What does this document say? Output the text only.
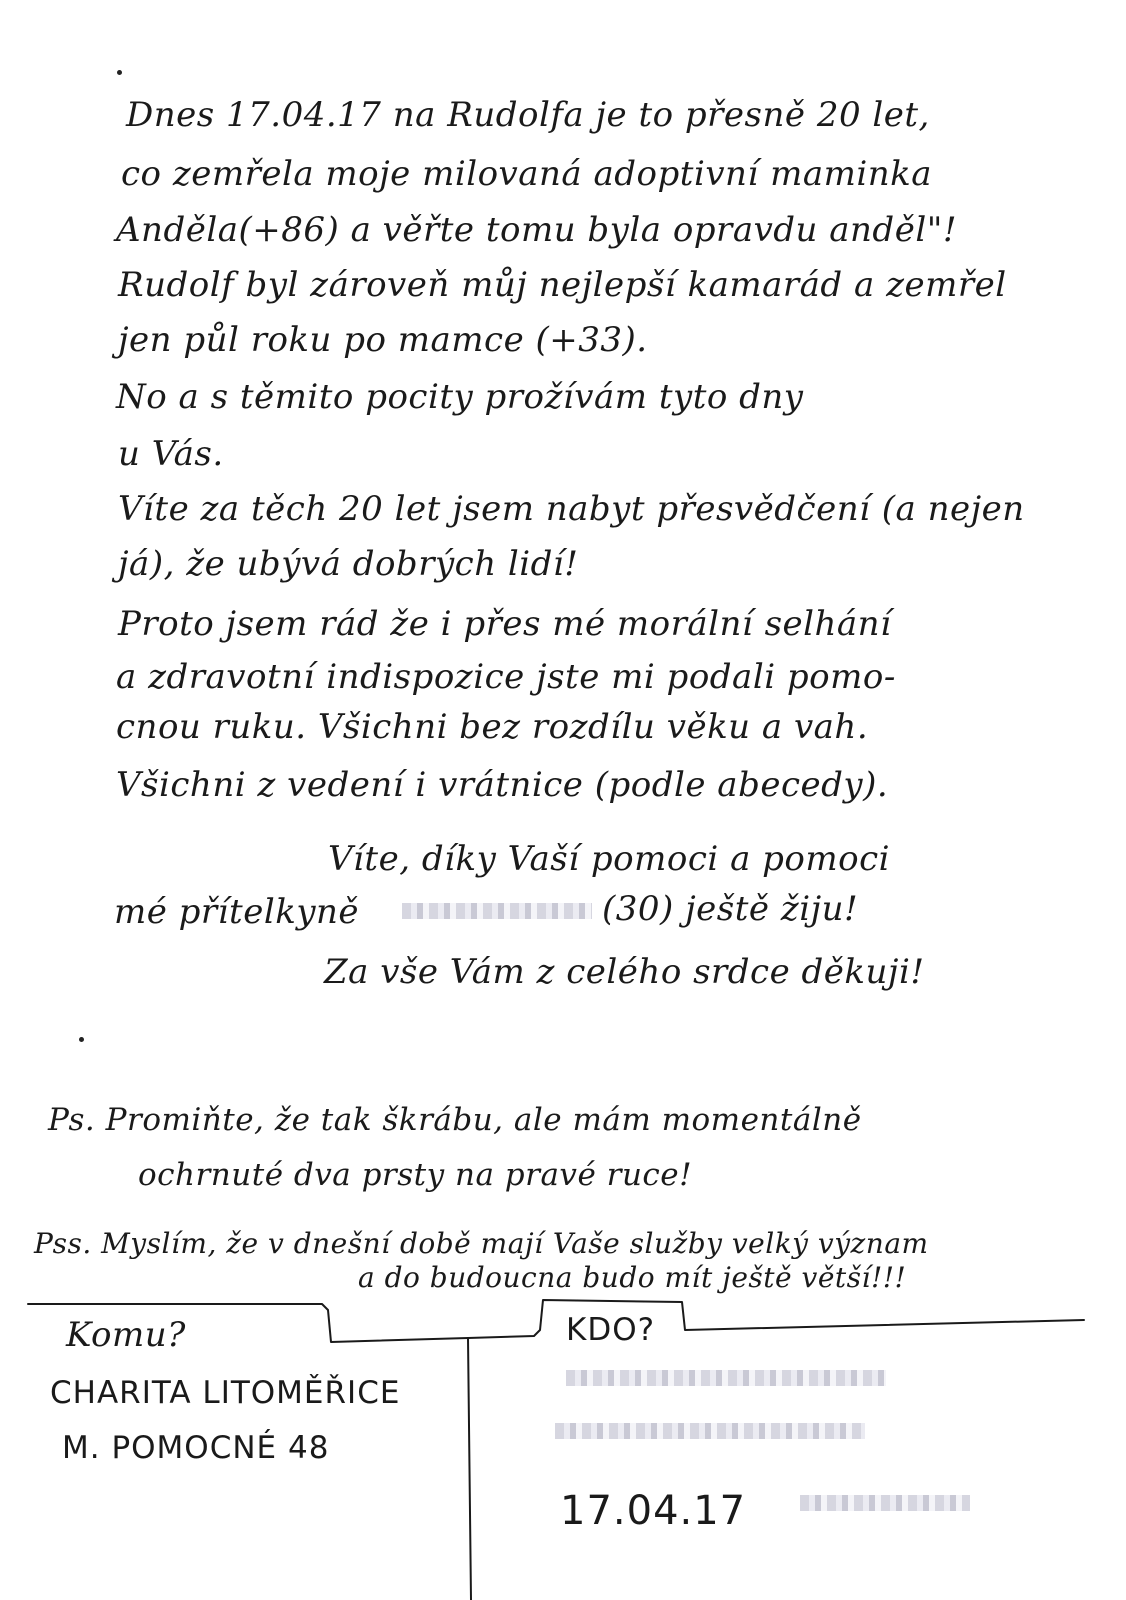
Dnes 17.04.17 na Rudolfa je to přesně 20 let,
co zemřela moje milovaná adoptivní maminka
Anděla(+86) a věřte tomu byla opravdu anděl"!
Rudolf byl zároveň můj nejlepší kamarád a zemřel
jen půl roku po mamce (+33).
No a s těmito pocity prožívám tyto dny
u Vás.
Víte za těch 20 let jsem nabyt přesvědčení (a nejen
já), že ubývá dobrých lidí!
Proto jsem rád že i přes mé morální selhání
a zdravotní indispozice jste mi podali pomo-
cnou ruku. Všichni bez rozdílu věku a vah.
Všichni z vedení i vrátnice (podle abecedy).
Víte, díky Vaší pomoci a pomoci
mé přítelkyně	(30) ještě žiju!
Za vše Vám z celého srdce děkuji!
Ps. Promiňte, že tak škrábu, ale mám momentálně
ochrnuté dva prsty na pravé ruce!
Pss. Myslím, že v dnešní době mají Vaše služby velký význam
a do budoucna budo mít ještě větší!!!
Komu?
CHARITA LITOMĚŘICE
M. POMOCNÉ 48
KDO?
17.04.17
